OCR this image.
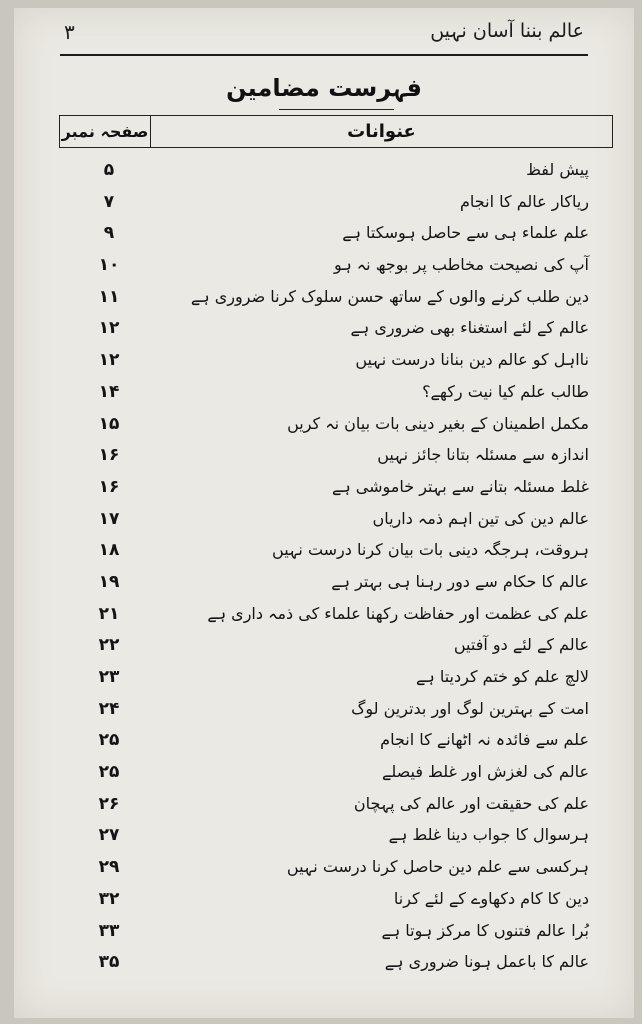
عالم بننا آسان نہیں
۳
فہرست مضامین
عنوانات
صفحہ نمبر
پیش لفظ
۵
ریاکار عالم کا انجام
۷
علم علماء ہی سے حاصل ہوسکتا ہے
۹
آپ کی نصیحت مخاطب پر بوجھ نہ ہو
۱۰
دین طلب کرنے والوں کے ساتھ حسن سلوک کرنا ضروری ہے
۱۱
عالم کے لئے استغناء بھی ضروری ہے
۱۲
نااہل کو عالم دین بنانا درست نہیں
۱۲
طالب علم کیا نیت رکھے؟
۱۴
مکمل اطمینان کے بغیر دینی بات بیان نہ کریں
۱۵
اندازہ سے مسئلہ بتانا جائز نہیں
۱۶
غلط مسئلہ بتانے سے بہتر خاموشی ہے
۱۶
عالم دین کی تین اہم ذمہ داریاں
۱۷
ہروقت، ہرجگہ دینی بات بیان کرنا درست نہیں
۱۸
عالم کا حکام سے دور رہنا ہی بہتر ہے
۱۹
علم کی عظمت اور حفاظت رکھنا علماء کی ذمہ داری ہے
۲۱
عالم کے لئے دو آفتیں
۲۲
لالچ علم کو ختم کردیتا ہے
۲۳
امت کے بہترین لوگ اور بدترین لوگ
۲۴
علم سے فائدہ نہ اٹھانے کا انجام
۲۵
عالم کی لغزش اور غلط فیصلے
۲۵
علم کی حقیقت اور عالم کی پہچان
۲۶
ہرسوال کا جواب دینا غلط ہے
۲۷
ہرکسی سے علم دین حاصل کرنا درست نہیں
۲۹
دین کا کام دکھاوے کے لئے کرنا
۳۲
بُرا عالم فتنوں کا مرکز ہوتا ہے
۳۳
عالم کا باعمل ہونا ضروری ہے
۳۵
